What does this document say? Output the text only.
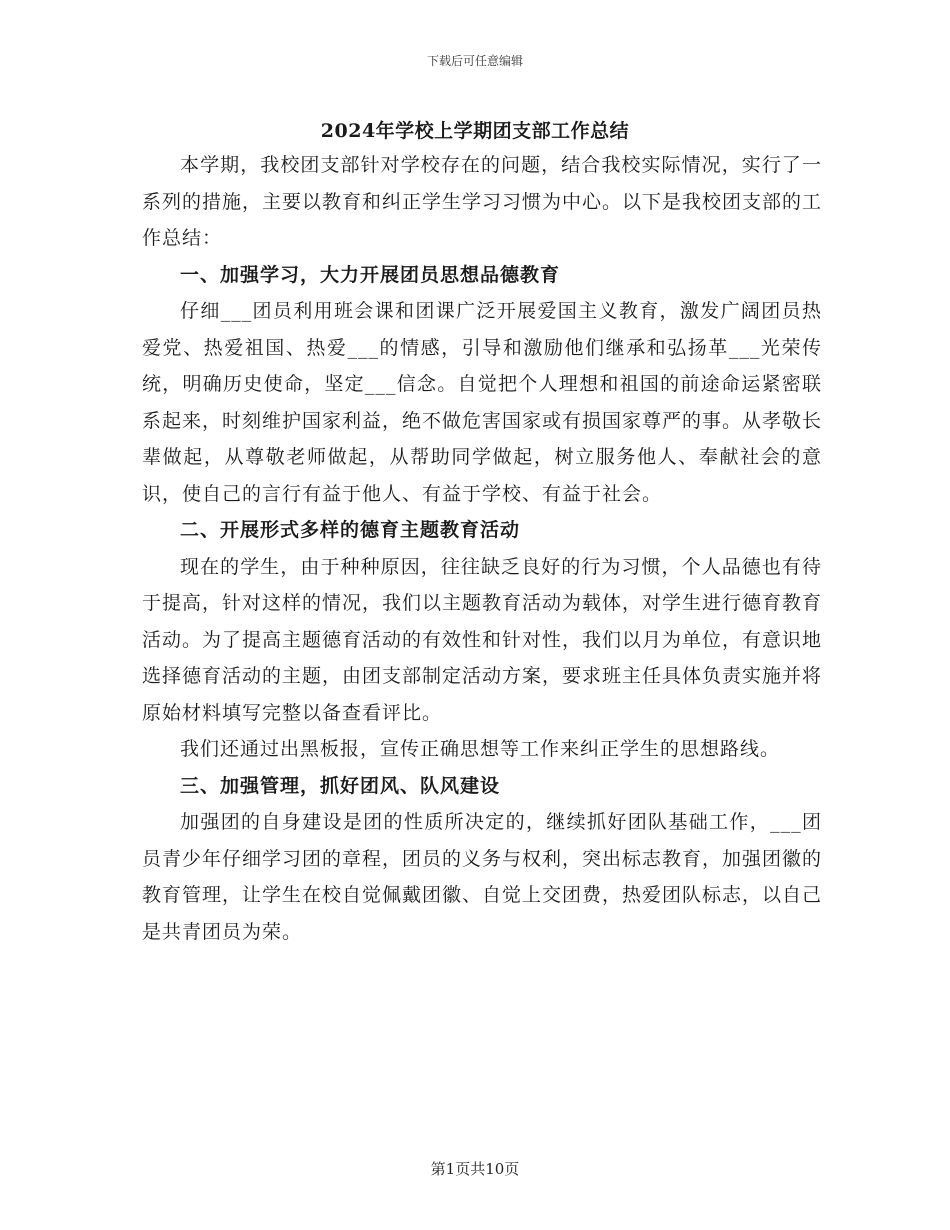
下载后可任意编辑
2024年学校上学期团支部工作总结

本学期，我校团支部针对学校存在的问题，结合我校实际情况，实行了一系列的措施，主要以教育和纠正学生学习习惯为中心。以下是我校团支部的工作总结：

一、加强学习，大力开展团员思想品德教育

仔细___团员利用班会课和团课广泛开展爱国主义教育，激发广阔团员热爱党、热爱祖国、热爱___的情感，引导和激励他们继承和弘扬革___光荣传统，明确历史使命，坚定___信念。自觉把个人理想和祖国的前途命运紧密联系起来，时刻维护国家利益，绝不做危害国家或有损国家尊严的事。从孝敬长辈做起，从尊敬老师做起，从帮助同学做起，树立服务他人、奉献社会的意识，使自己的言行有益于他人、有益于学校、有益于社会。

二、开展形式多样的德育主题教育活动

现在的学生，由于种种原因，往往缺乏良好的行为习惯，个人品德也有待于提高，针对这样的情况，我们以主题教育活动为载体，对学生进行德育教育活动。为了提高主题德育活动的有效性和针对性，我们以月为单位，有意识地选择德育活动的主题，由团支部制定活动方案，要求班主任具体负责实施并将原始材料填写完整以备查看评比。

我们还通过出黑板报，宣传正确思想等工作来纠正学生的思想路线。

三、加强管理，抓好团风、队风建设

加强团的自身建设是团的性质所决定的，继续抓好团队基础工作，___团员青少年仔细学习团的章程，团员的义务与权利，突出标志教育，加强团徽的教育管理，让学生在校自觉佩戴团徽、自觉上交团费，热爱团队标志，以自己是共青团员为荣。

第1页共10页
